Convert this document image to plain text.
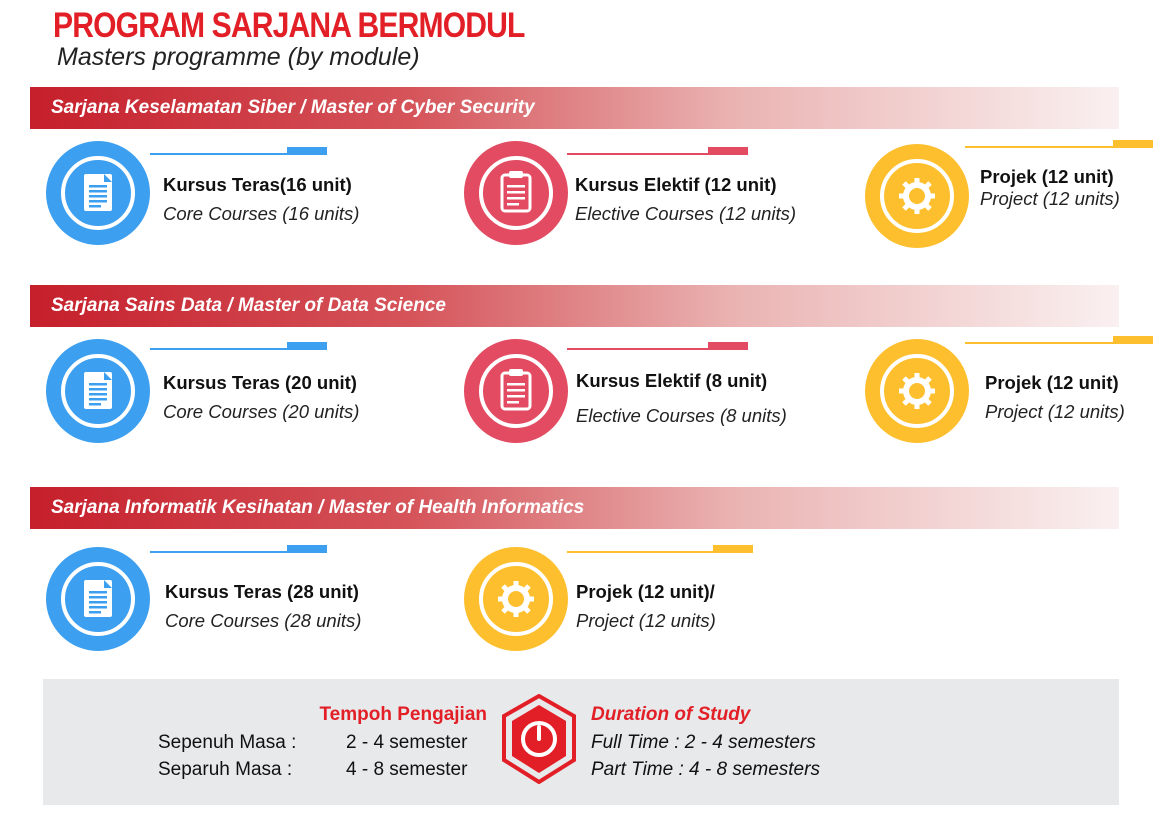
PROGRAM SARJANA BERMODUL
Masters programme (by module)
Sarjana Keselamatan Siber / Master of Cyber Security
Kursus Teras(16 unit)
Core Courses (16 units)
Kursus Elektif (12 unit)
Elective Courses (12 units)
Projek (12 unit)
Project (12 units)
Sarjana Sains Data / Master of Data Science
Kursus Teras (20 unit)
Core Courses (20 units)
Kursus Elektif (8 unit)
Elective Courses (8 units)
Projek (12 unit)
Project (12 units)
Sarjana Informatik Kesihatan / Master of Health Informatics
Kursus Teras (28 unit)
Core Courses (28 units)
Projek (12 unit)/
Project (12 units)
Tempoh Pengajian
Sepenuh Masa :	2 - 4 semester
Separuh Masa :	4 - 8 semester
Duration of Study
Full Time : 2 - 4 semesters
Part Time : 4 - 8 semesters
